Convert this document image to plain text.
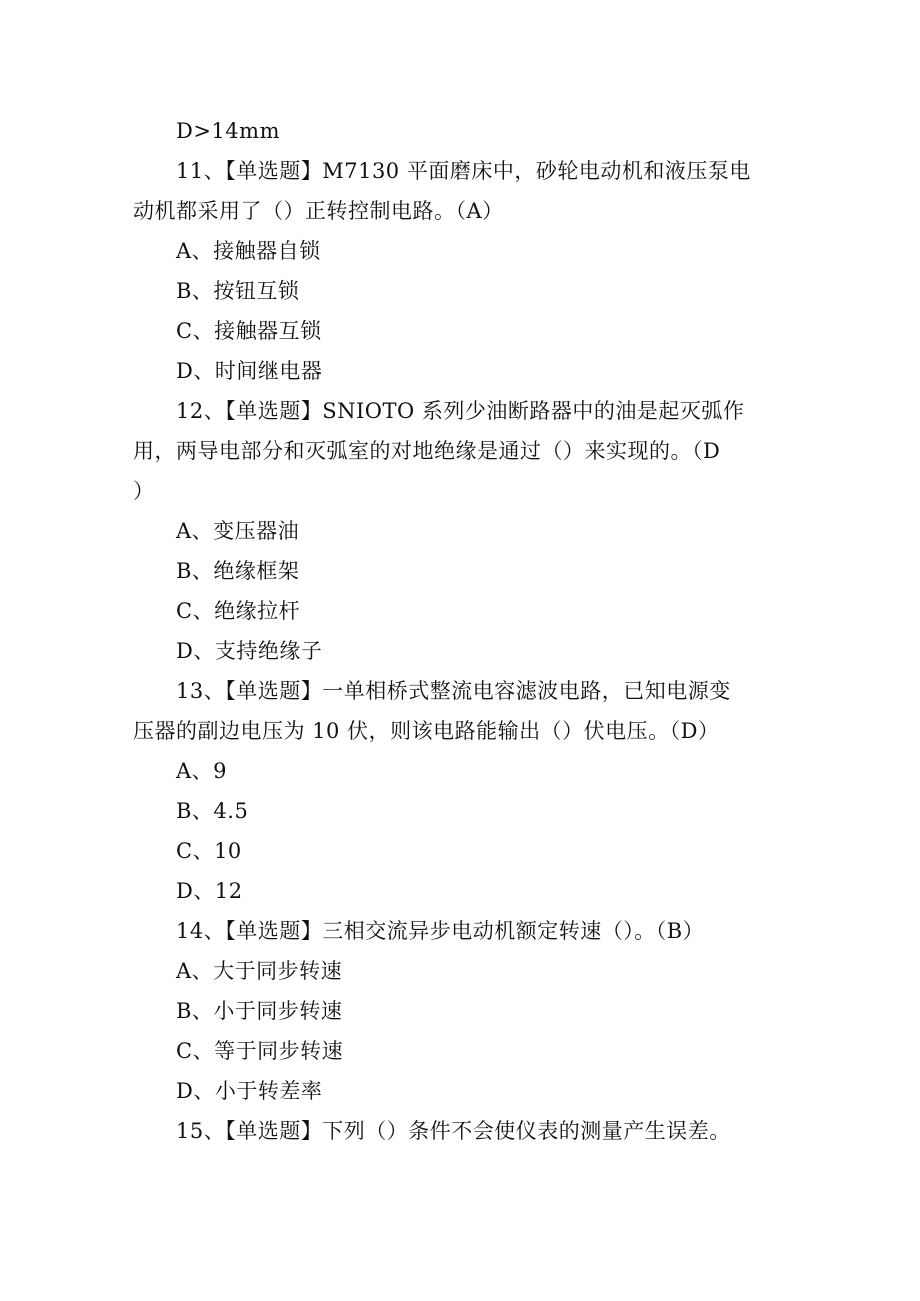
D>14mm
11、【单选题】M7130 平面磨床中，砂轮电动机和液压泵电
动机都采用了（）正转控制电路。（A）
A、接触器自锁
B、按钮互锁
C、接触器互锁
D、时间继电器
12、【单选题】SNIOTO 系列少油断路器中的油是起灭弧作
用，两导电部分和灭弧室的对地绝缘是通过（）来实现的。（D
）
A、变压器油
B、绝缘框架
C、绝缘拉杆
D、支持绝缘子
13、【单选题】一单相桥式整流电容滤波电路，已知电源变
压器的副边电压为 10 伏，则该电路能输出（）伏电压。（D）
A、9
B、4.5
C、10
D、12
14、【单选题】三相交流异步电动机额定转速（）。（B）
A、大于同步转速
B、小于同步转速
C、等于同步转速
D、小于转差率
15、【单选题】下列（）条件不会使仪表的测量产生误差。
